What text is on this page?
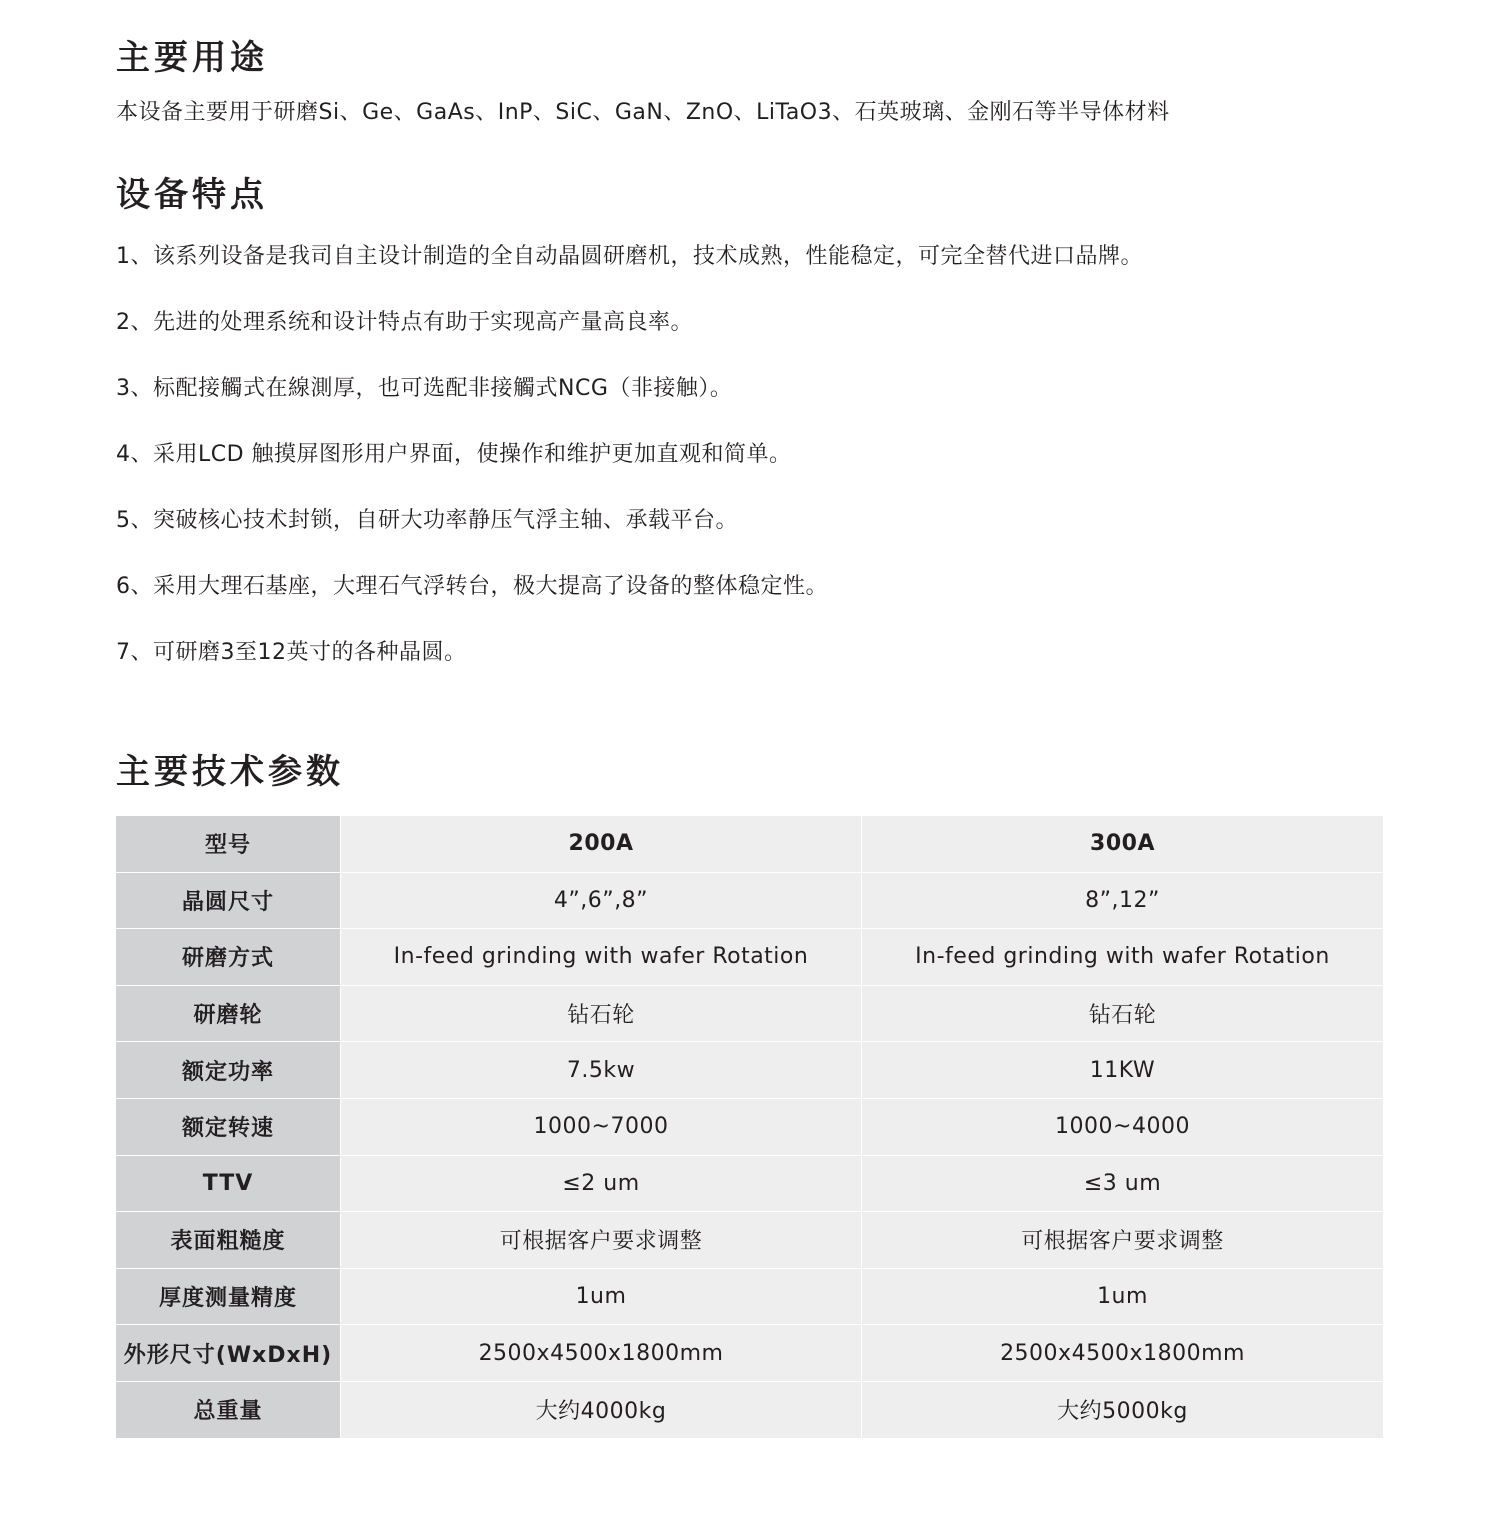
主要用途

本设备主要用于研磨Si、Ge、GaAs、InP、SiC、GaN、ZnO、LiTaO3、石英玻璃、金刚石等半导体材料

设备特点
1、该系列设备是我司自主设计制造的全自动晶圆研磨机，技术成熟，性能稳定，可完全替代进口品牌。
2、先进的处理系统和设计特点有助于实现高产量高良率。
3、标配接觸式在線測厚，也可选配非接觸式NCG（非接触）。
4、采用LCD 触摸屏图形用户界面，使操作和维护更加直观和简单。
5、突破核心技术封锁，自研大功率静压气浮主轴、承载平台。
6、采用大理石基座，大理石气浮转台，极大提高了设备的整体稳定性。
7、可研磨3至12英寸的各种晶圆。
主要技术参数
型号	200A	300A
晶圆尺寸	4”,6”,8”	8”,12”
研磨方式	In-feed grinding with wafer Rotation	In-feed grinding with wafer Rotation
研磨轮	钻石轮	钻石轮
额定功率	7.5kw	11KW
额定转速	1000~7000	1000~4000
TTV	≤2 um	≤3 um
表面粗糙度	可根据客户要求调整	可根据客户要求调整
厚度测量精度	1um	1um
外形尺寸(WxDxH)	2500x4500x1800mm	2500x4500x1800mm
总重量	大约4000kg	大约5000kg
